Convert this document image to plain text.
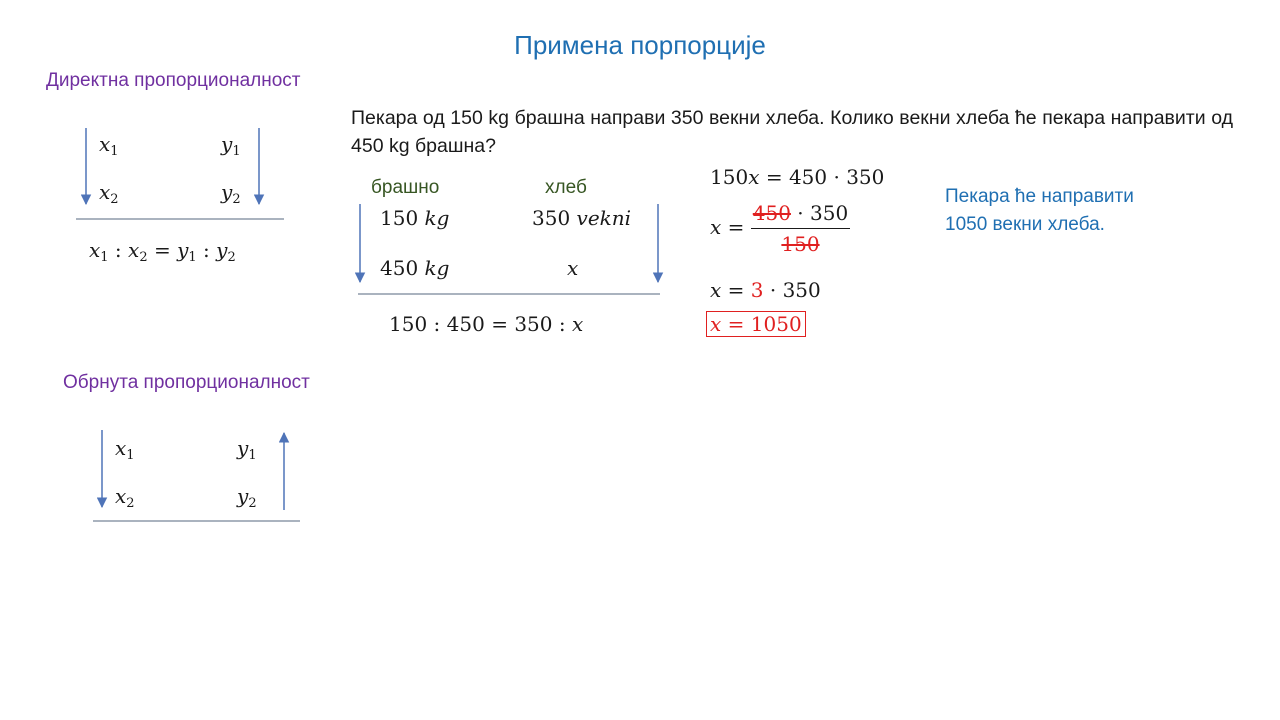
Примена порпорције
Директна пропорционалност
$x_1$	$y_1$
$x_2$	$y_2$
$x_1$ : $x_2 = y_1$ : $y_2$
Обрнута пропорционалност
$x_1$	$y_1$
$x_2$	$y_2$
Пекара од 150 kg брашна направи 350 векни хлеба. Колико векни хлеба ће пекара направити од 450 kg брашна?
брашно	хлеб
150 kg	350 vekni
450 kg	x
150 : 450 = 350 : x
150x = 450 · 350
$x = \frac{450 \cdot 350}{150}$
x = 3 · 350
x = 1050
Пекара ће направити
1050 векни хлеба.
